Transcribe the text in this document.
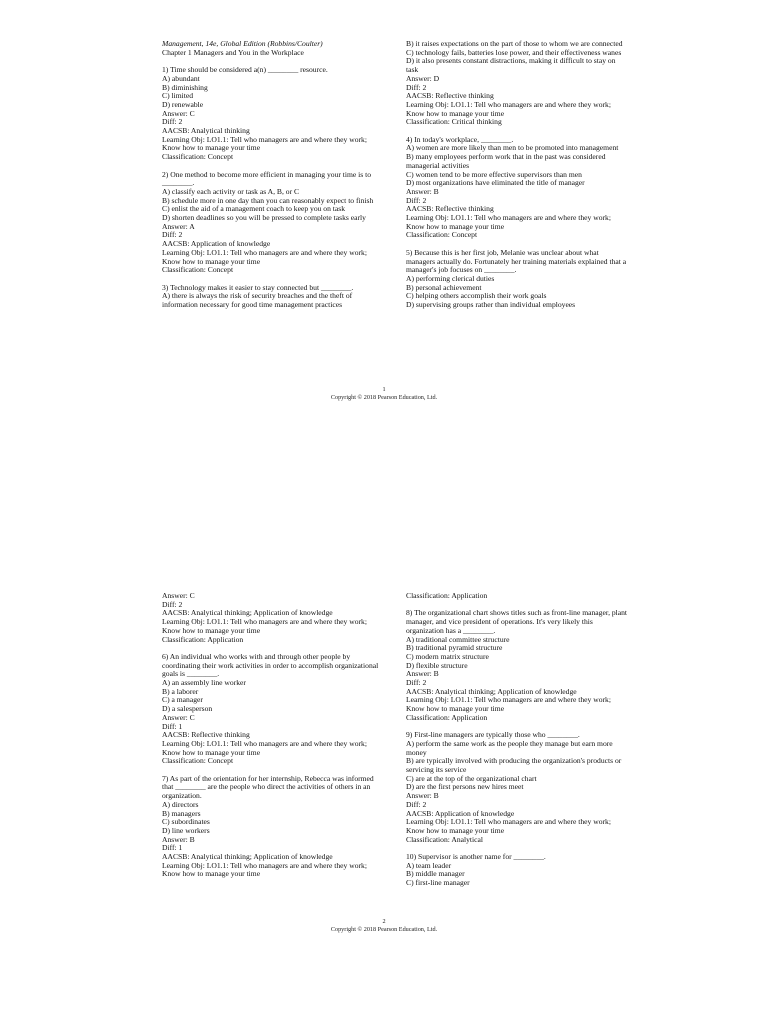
Management, 14e, Global Edition (Robbins/Coulter)
Chapter 1 Managers and You in the Workplace
1) Time should be considered a(n) ________ resource.
A) abundant
B) diminishing
C) limited
D) renewable
Answer: C
Diff: 2
AACSB: Analytical thinking
Learning Obj: LO1.1: Tell who managers are and where they work; Know how to manage your time
Classification: Concept
2) One method to become more efficient in managing your time is to ________.
A) classify each activity or task as A, B, or C
B) schedule more in one day than you can reasonably expect to finish
C) enlist the aid of a management coach to keep you on task
D) shorten deadlines so you will be pressed to complete tasks early
Answer: A
Diff: 2
AACSB: Application of knowledge
Learning Obj: LO1.1: Tell who managers are and where they work; Know how to manage your time
Classification: Concept
3) Technology makes it easier to stay connected but ________.
A) there is always the risk of security breaches and the theft of information necessary for good time management practices
B) it raises expectations on the part of those to whom we are connected
C) technology fails, batteries lose power, and their effectiveness wanes
D) it also presents constant distractions, making it difficult to stay on task
Answer: D
Diff: 2
AACSB: Reflective thinking
Learning Obj: LO1.1: Tell who managers are and where they work; Know how to manage your time
Classification: Critical thinking
4) In today's workplace, ________.
A) women are more likely than men to be promoted into management
B) many employees perform work that in the past was considered managerial activities
C) women tend to be more effective supervisors than men
D) most organizations have eliminated the title of manager
Answer: B
Diff: 2
AACSB: Reflective thinking
Learning Obj: LO1.1: Tell who managers are and where they work; Know how to manage your time
Classification: Concept
5) Because this is her first job, Melanie was unclear about what managers actually do. Fortunately her training materials explained that a manager's job focuses on ________.
A) performing clerical duties
B) personal achievement
C) helping others accomplish their work goals
D) supervising groups rather than individual employees
1
Copyright © 2018 Pearson Education, Ltd.
Answer: C
Diff: 2
AACSB: Analytical thinking; Application of knowledge
Learning Obj: LO1.1: Tell who managers are and where they work; Know how to manage your time
Classification: Application
6) An individual who works with and through other people by coordinating their work activities in order to accomplish organizational goals is ________.
A) an assembly line worker
B) a laborer
C) a manager
D) a salesperson
Answer: C
Diff: 1
AACSB: Reflective thinking
Learning Obj: LO1.1: Tell who managers are and where they work; Know how to manage your time
Classification: Concept
7) As part of the orientation for her internship, Rebecca was informed that ________ are the people who direct the activities of others in an organization.
A) directors
B) managers
C) subordinates
D) line workers
Answer: B
Diff: 1
AACSB: Analytical thinking; Application of knowledge
Learning Obj: LO1.1: Tell who managers are and where they work; Know how to manage your time
Classification: Application
8) The organizational chart shows titles such as front-line manager, plant manager, and vice president of operations. It's very likely this organization has a ________.
A) traditional committee structure
B) traditional pyramid structure
C) modern matrix structure
D) flexible structure
Answer: B
Diff: 2
AACSB: Analytical thinking; Application of knowledge
Learning Obj: LO1.1: Tell who managers are and where they work; Know how to manage your time
Classification: Application
9) First-line managers are typically those who ________.
A) perform the same work as the people they manage but earn more money
B) are typically involved with producing the organization's products or servicing its service
C) are at the top of the organizational chart
D) are the first persons new hires meet
Answer: B
Diff: 2
AACSB: Application of knowledge
Learning Obj: LO1.1: Tell who managers are and where they work; Know how to manage your time
Classification: Analytical
10) Supervisor is another name for ________.
A) team leader
B) middle manager
C) first-line manager
2
Copyright © 2018 Pearson Education, Ltd.
